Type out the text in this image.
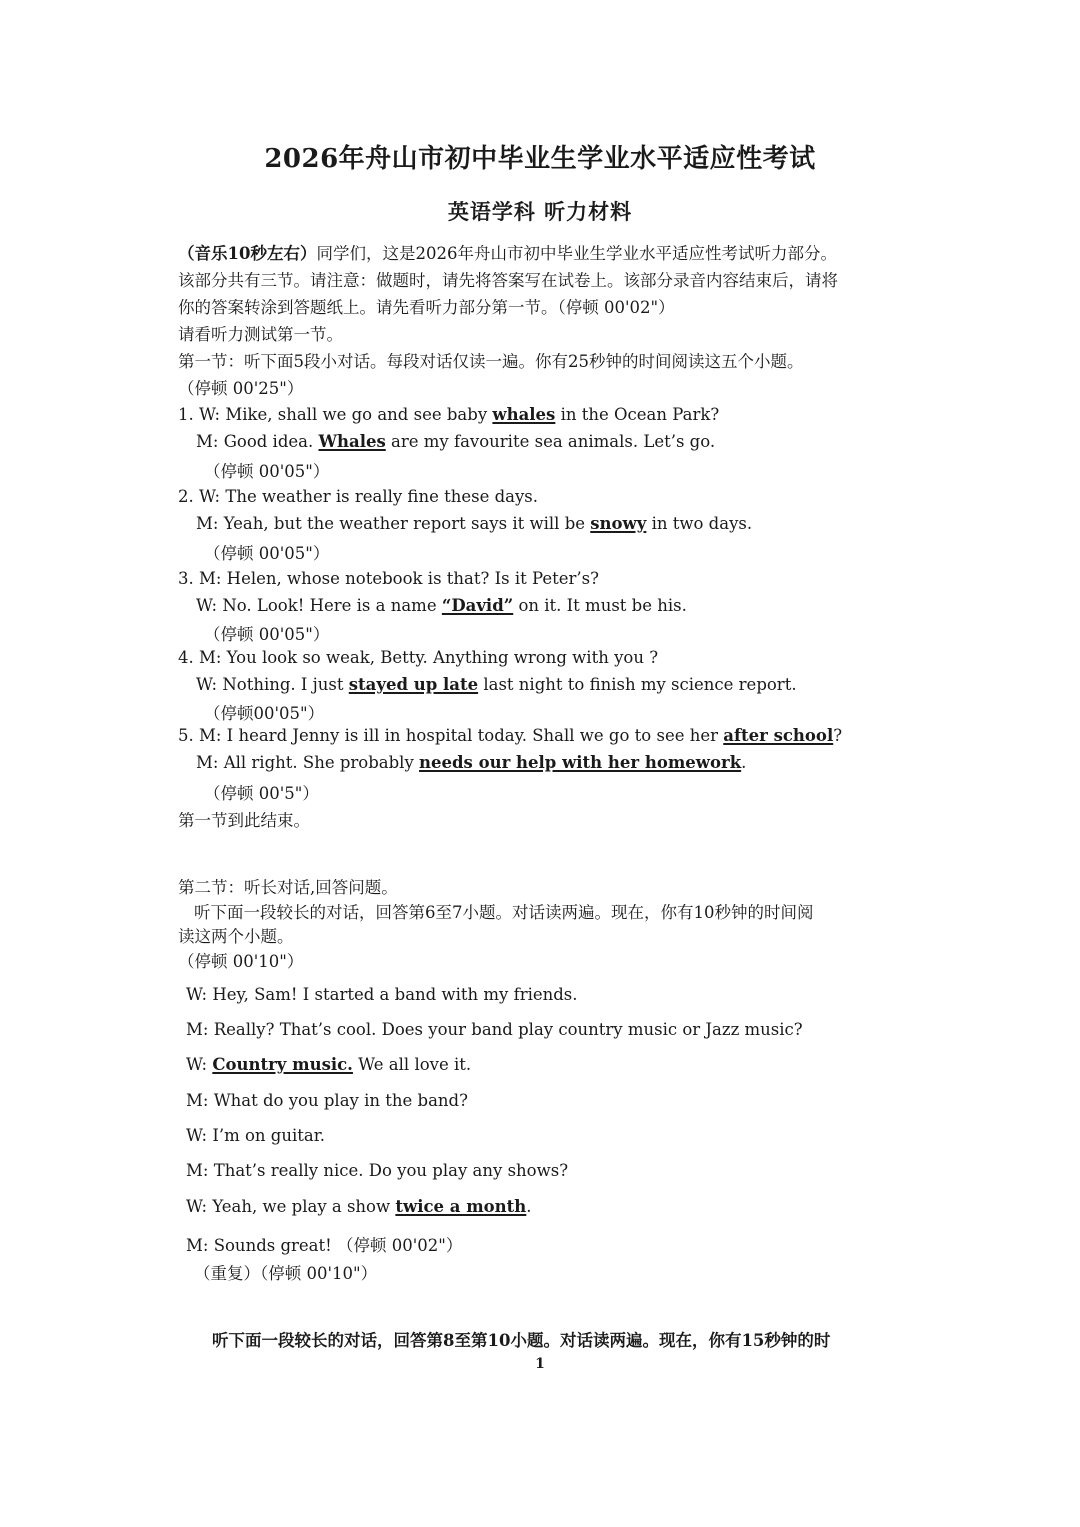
2026年舟山市初中毕业生学业水平适应性考试
英语学科 听力材料
（音乐10秒左右）同学们，这是2026年舟山市初中毕业生学业水平适应性考试听力部分。
该部分共有三节。请注意：做题时，请先将答案写在试卷上。该部分录音内容结束后，请将
你的答案转涂到答题纸上。请先看听力部分第一节。（停顿 00'02"）
请看听力测试第一节。
第一节：听下面5段小对话。每段对话仅读一遍。你有25秒钟的时间阅读这五个小题。
（停顿 00'25"）
1. W: Mike, shall we go and see baby whales in the Ocean Park?
M: Good idea. Whales are my favourite sea animals. Let’s go.
（停顿 00'05"）
2. W: The weather is really fine these days.
M: Yeah, but the weather report says it will be snowy in two days.
（停顿 00'05"）
3. M: Helen, whose notebook is that? Is it Peter’s?
W: No. Look! Here is a name “David” on it. It must be his.
（停顿 00'05"）
4. M: You look so weak, Betty. Anything wrong with you ?
W: Nothing. I just stayed up late last night to finish my science report.
（停顿00'05"）
5. M: I heard Jenny is ill in hospital today. Shall we go to see her after school?
M: All right. She probably needs our help with her homework.
（停顿 00'5"）
第一节到此结束。
第二节：听长对话,回答问题。
听下面一段较长的对话，回答第6至7小题。对话读两遍。现在，你有10秒钟的时间阅
读这两个小题。
（停顿 00'10"）
W: Hey, Sam! I started a band with my friends.
M: Really? That’s cool. Does your band play country music or Jazz music?
W: Country music. We all love it.
M: What do you play in the band?
W: I’m on guitar.
M: That’s really nice. Do you play any shows?
W: Yeah, we play a show twice a month.
M: Sounds great! （停顿 00'02"）
（重复）（停顿 00'10"）
听下面一段较长的对话，回答第8至第10小题。对话读两遍。现在，你有15秒钟的时
1
